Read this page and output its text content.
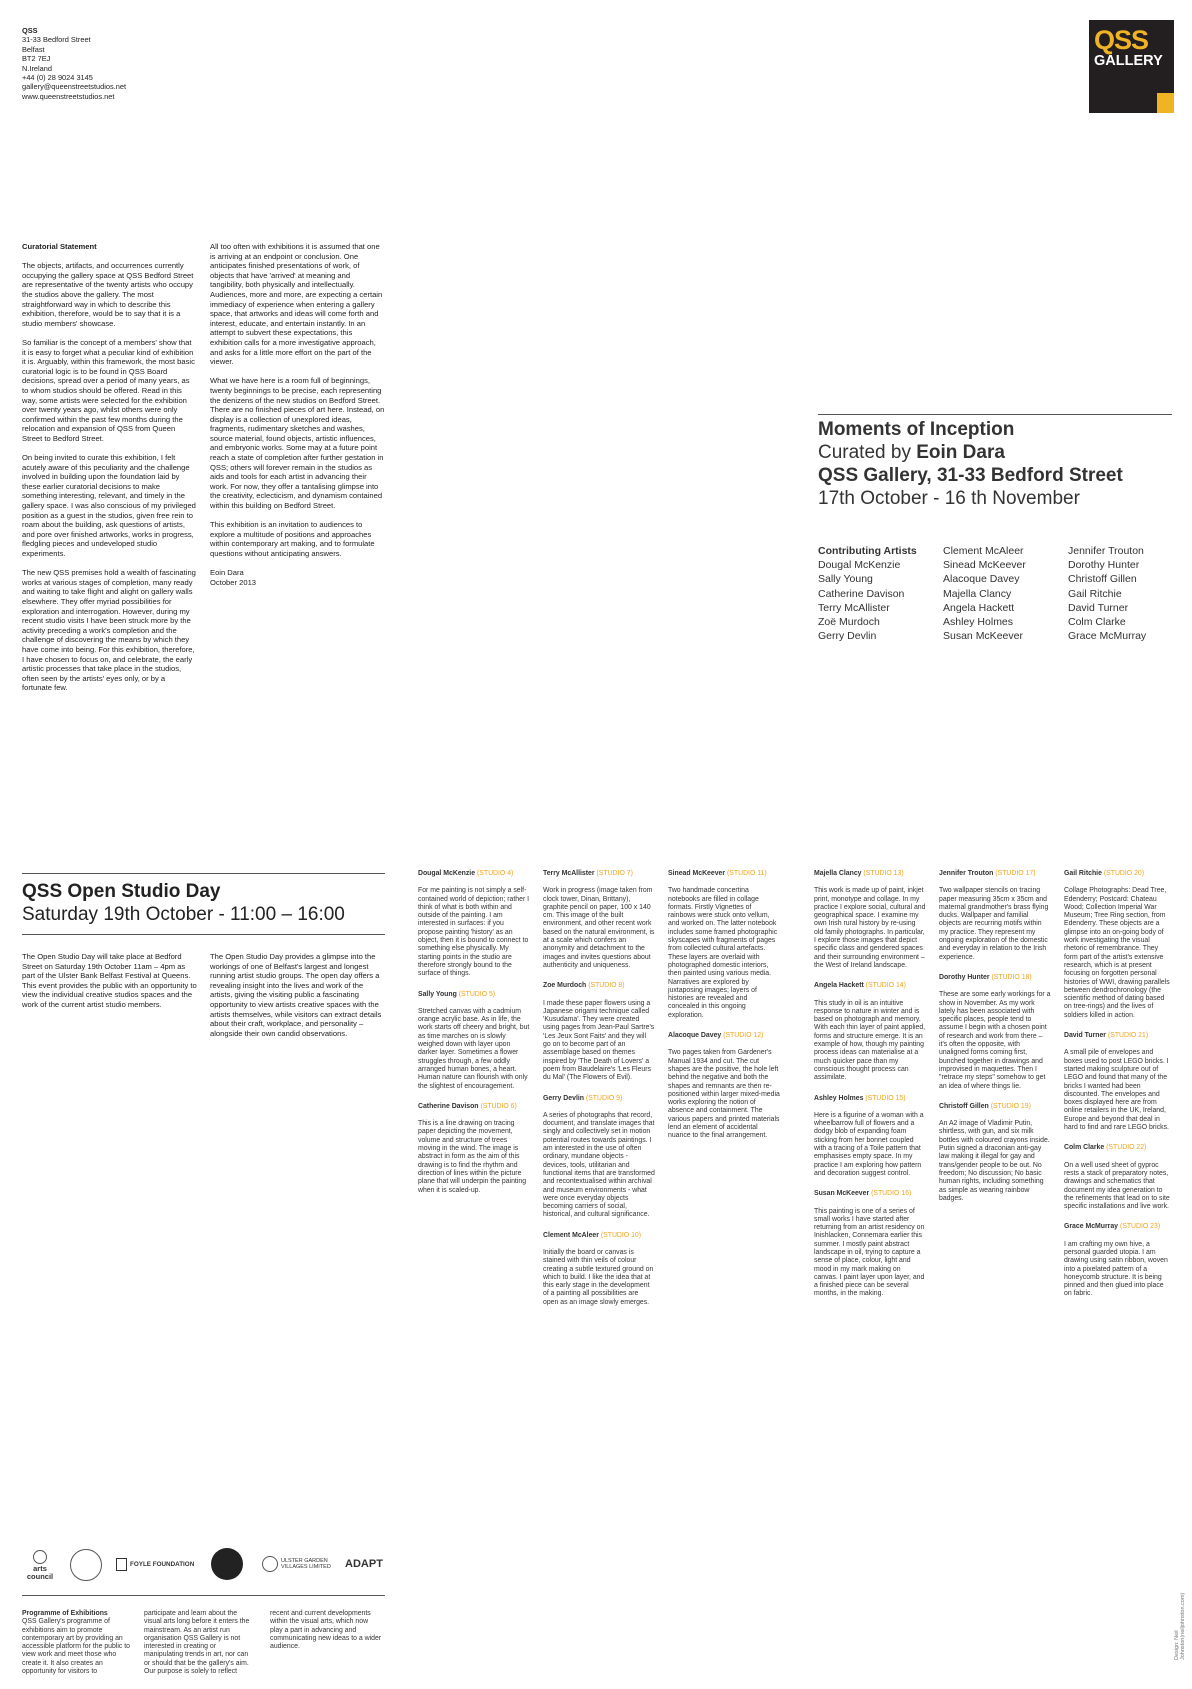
QSS
31-33 Bedford Street
Belfast
BT2 7EJ
N.Ireland
+44 (0) 28 9024 3145
gallery@queenstreetstudios.net
www.queenstreetstudios.net
QSS
GALLERY

Curatorial Statement

The objects, artifacts, and occurrences currently occupying the gallery space at QSS Bedford Street are representative of the twenty artists who occupy the studios above the gallery. The most straightforward way in which to describe this exhibition, therefore, would be to say that it is a studio members' showcase.

So familiar is the concept of a members' show that it is easy to forget what a peculiar kind of exhibition it is. Arguably, within this framework, the most basic curatorial logic is to be found in QSS Board decisions, spread over a period of many years, as to whom studios should be offered. Read in this way, some artists were selected for the exhibition over twenty years ago, whilst others were only confirmed within the past few months during the relocation and expansion of QSS from Queen Street to Bedford Street.

On being invited to curate this exhibition, I felt acutely aware of this peculiarity and the challenge involved in building upon the foundation laid by these earlier curatorial decisions to make something interesting, relevant, and timely in the gallery space. I was also conscious of my privileged position as a guest in the studios, given free rein to roam about the building, ask questions of artists, and pore over finished artworks, works in progress, fledgling pieces and undeveloped studio experiments.

The new QSS premises hold a wealth of fascinating works at various stages of completion, many ready and waiting to take flight and alight on gallery walls elsewhere. They offer myriad possibilities for exploration and interrogation. However, during my recent studio visits I have been struck more by the activity preceding a work's completion and the challenge of discovering the means by which they have come into being. For this exhibition, therefore, I have chosen to focus on, and celebrate, the early artistic processes that take place in the studios, often seen by the artists' eyes only, or by a fortunate few.

All too often with exhibitions it is assumed that one is arriving at an endpoint or conclusion. One anticipates finished presentations of work, of objects that have 'arrived' at meaning and tangibility, both physically and intellectually. Audiences, more and more, are expecting a certain immediacy of experience when entering a gallery space, that artworks and ideas will come forth and interest, educate, and entertain instantly. In an attempt to subvert these expectations, this exhibition calls for a more investigative approach, and asks for a little more effort on the part of the viewer.

What we have here is a room full of beginnings, twenty beginnings to be precise, each representing the denizens of the new studios on Bedford Street. There are no finished pieces of art here. Instead, on display is a collection of unexplored ideas, fragments, rudimentary sketches and washes, source material, found objects, artistic influences, and embryonic works. Some may at a future point reach a state of completion after further gestation in QSS; others will forever remain in the studios as aids and tools for each artist in advancing their work. For now, they offer a tantalising glimpse into the creativity, eclecticism, and dynamism contained within this building on Bedford Street.

This exhibition is an invitation to audiences to explore a multitude of positions and approaches within contemporary art making, and to formulate questions without anticipating answers.

Eoin Dara
October 2013
Moments of Inception
Curated by Eoin Dara
QSS Gallery, 31-33 Bedford Street
17th October - 16 th November
Contributing Artists
Dougal McKenzie
Sally Young
Catherine Davison
Terry McAllister
Zoë Murdoch
Gerry Devlin
Clement McAleer
Sinead McKeever
Alacoque Davey
Majella Clancy
Angela Hackett
Ashley Holmes
Susan McKeever
Jennifer Trouton
Dorothy Hunter
Christoff Gillen
Gail Ritchie
David Turner
Colm Clarke
Grace McMurray
QSS Open Studio Day
Saturday 19th October - 11:00 – 16:00

The Open Studio Day will take place at Bedford Street on Saturday 19th October 11am – 4pm as part of the Ulster Bank Belfast Festival at Queens. This event provides the public with an opportunity to view the individual creative studios spaces and the work of the current artist studio members.

The Open Studio Day provides a glimpse into the workings of one of Belfast's largest and longest running artist studio groups. The open day offers a revealing insight into the lives and work of the artists, giving the visiting public a fascinating opportunity to view artists creative spaces with the artists themselves, while visitors can extract details about their craft, workplace, and personality – alongside their own candid observations.

Dougal McKenzie (STUDIO 4)
For me painting is not simply a self-contained world of depiction; rather I think of what is both within and outside of the painting. I am interested in surfaces: if you propose painting 'history' as an object, then it is bound to connect to something else physically. My starting points in the studio are therefore strongly bound to the surface of things.
Sally Young (STUDIO 5)
Stretched canvas with a cadmium orange acrylic base. As in life, the work starts off cheery and bright, but as time marches on is slowly weighed down with layer upon darker layer. Sometimes a flower struggles through, a few oddly arranged human bones, a heart. Human nature can flourish with only the slightest of encouragement.
Catherine Davison (STUDIO 6)
This is a line drawing on tracing paper depicting the movement, volume and structure of trees moving in the wind. The image is abstract in form as the aim of this drawing is to find the rhythm and direction of lines within the picture plane that will underpin the painting when it is scaled-up.
Terry McAllister (STUDIO 7)
Work in progress (image taken from clock tower, Dinan, Brittany), graphite pencil on paper, 100 x 140 cm. This image of the built environment, and other recent work based on the natural environment, is at a scale which confers an anonymity and detachment to the images and invites questions about authenticity and uniqueness.
Zoe Murdoch (STUDIO 8)
I made these paper flowers using a Japanese origami technique called 'Kusudama'. They were created using pages from Jean-Paul Sartre's 'Les Jeux Sont Faits' and they will go on to become part of an assemblage based on themes inspired by 'The Death of Lovers' a poem from Baudelaire's 'Les Fleurs du Mal' (The Flowers of Evil).
Gerry Devlin (STUDIO 9)
A series of photographs that record, document, and translate images that singly and collectively set in motion potential routes towards paintings. I am interested in the use of often ordinary, mundane objects - devices, tools, utilitarian and functional items that are transformed and recontextualised within archival and museum environments - what were once everyday objects becoming carriers of social, historical, and cultural significance.
Clement McAleer (STUDIO 10)
Initially the board or canvas is stained with thin veils of colour creating a subtle textured ground on which to build. I like the idea that at this early stage in the development of a painting all possibilities are open as an image slowly emerges.
Sinead McKeever (STUDIO 11)
Two handmade concertina notebooks are filled in collage formats. Firstly Vignettes of rainbows were stuck onto vellum, and worked on. The latter notebook includes some framed photographic skyscapes with fragments of pages from collected cultural artefacts. These layers are overlaid with photographed domestic interiors, then painted using various media. Narratives are explored by juxtaposing images; layers of histories are revealed and concealed in this ongoing exploration.
Alacoque Davey (STUDIO 12)
Two pages taken from Gardener's Manual 1934 and cut. The cut shapes are the positive, the hole left behind the negative and both the shapes and remnants are then re-positioned within larger mixed-media works exploring the notion of absence and containment. The various papers and printed materials lend an element of accidental nuance to the final arrangement.
Majella Clancy (STUDIO 13)
This work is made up of paint, inkjet print, monotype and collage. In my practice I explore social, cultural and geographical space. I examine my own Irish rural history by re-using old family photographs. In particular, I explore those images that depict specific class and gendered spaces and their surrounding environment – the West of Ireland landscape.
Angela Hackett (STUDIO 14)
This study in oil is an intuitive response to nature in winter and is based on photograph and memory. With each thin layer of paint applied, forms and structure emerge. It is an example of how, though my painting process ideas can materialise at a much quicker pace than my conscious thought process can assimilate.
Ashley Holmes (STUDIO 15)
Here is a figurine of a woman with a wheelbarrow full of flowers and a dodgy blob of expanding foam sticking from her bonnet coupled with a tracing of a Toile pattern that emphasises empty space. In my practice I am exploring how pattern and decoration suggest control.
Susan McKeever (STUDIO 16)
This painting is one of a series of small works I have started after returning from an artist residency on Inishlacken, Connemara earlier this summer. I mostly paint abstract landscape in oil, trying to capture a sense of place, colour, light and mood in my mark making on canvas. I paint layer upon layer, and a finished piece can be several months, in the making.
Jennifer Trouton (STUDIO 17)
Two wallpaper stencils on tracing paper measuring 35cm x 35cm and maternal grandmother's brass flying ducks. Wallpaper and familial objects are recurring motifs within my practice. They represent my ongoing exploration of the domestic and everyday in relation to the Irish experience.
Dorothy Hunter (STUDIO 18)
These are some early workings for a show in November. As my work lately has been associated with specific places, people tend to assume I begin with a chosen point of research and work from there – it's often the opposite, with unaligned forms coming first, bunched together in drawings and improvised in maquettes. Then I "retrace my steps" somehow to get an idea of where things lie.
Christoff Gillen (STUDIO 19)
An A2 image of Vladimir Putin, shirtless, with gun, and six milk bottles with coloured crayons inside. Putin signed a draconian anti-gay law making it illegal for gay and trans/gender people to be out. No freedom; No discussion; No basic human rights, including something as simple as wearing rainbow badges.
Gail Ritchie (STUDIO 20)
Collage Photographs: Dead Tree, Edenderry; Postcard: Chateau Wood; Collection Imperial War Museum; Tree Ring section, from Edenderry. These objects are a glimpse into an on-going body of work investigating the visual rhetoric of remembrance. They form part of the artist's extensive research, which is at present focusing on forgotten personal histories of WWI, drawing parallels between dendrochronology (the scientific method of dating based on tree-rings) and the lives of soldiers killed in action.
David Turner (STUDIO 21)
A small pile of envelopes and boxes used to post LEGO bricks. I started making sculpture out of LEGO and found that many of the bricks I wanted had been discounted. The envelopes and boxes displayed here are from online retailers in the UK, Ireland, Europe and beyond that deal in hard to find and rare LEGO bricks.
Colm Clarke (STUDIO 22)
On a well used sheet of gyproc rests a stack of preparatory notes, drawings and schematics that document my idea generation to the refinements that lead on to site specific installations and live work.
Grace McMurray (STUDIO 23)
I am crafting my own hive, a personal guarded utopia. I am drawing using satin ribbon, woven into a pixelated pattern of a honeycomb structure. It is being pinned and then glued into place on fabric.
arts council
FOYLE FOUNDATION	ULSTER GARDEN VILLAGES LIMITED ADAPT
Programme of Exhibitions
QSS Gallery's programme of exhibitions aim to promote contemporary art by providing an accessible platform for the public to view work and meet those who create it. It also creates an opportunity for visitors to
participate and learn about the visual arts long before it enters the mainstream. As an artist run organisation QSS Gallery is not interested in creating or manipulating trends in art, nor can or should that be the gallery's aim. Our purpose is solely to reflect
recent and current developments within the visual arts, which now play a part in advancing and communicating new ideas to a wider audience.	Design: Neil Johnston(neiljohnston.com)
